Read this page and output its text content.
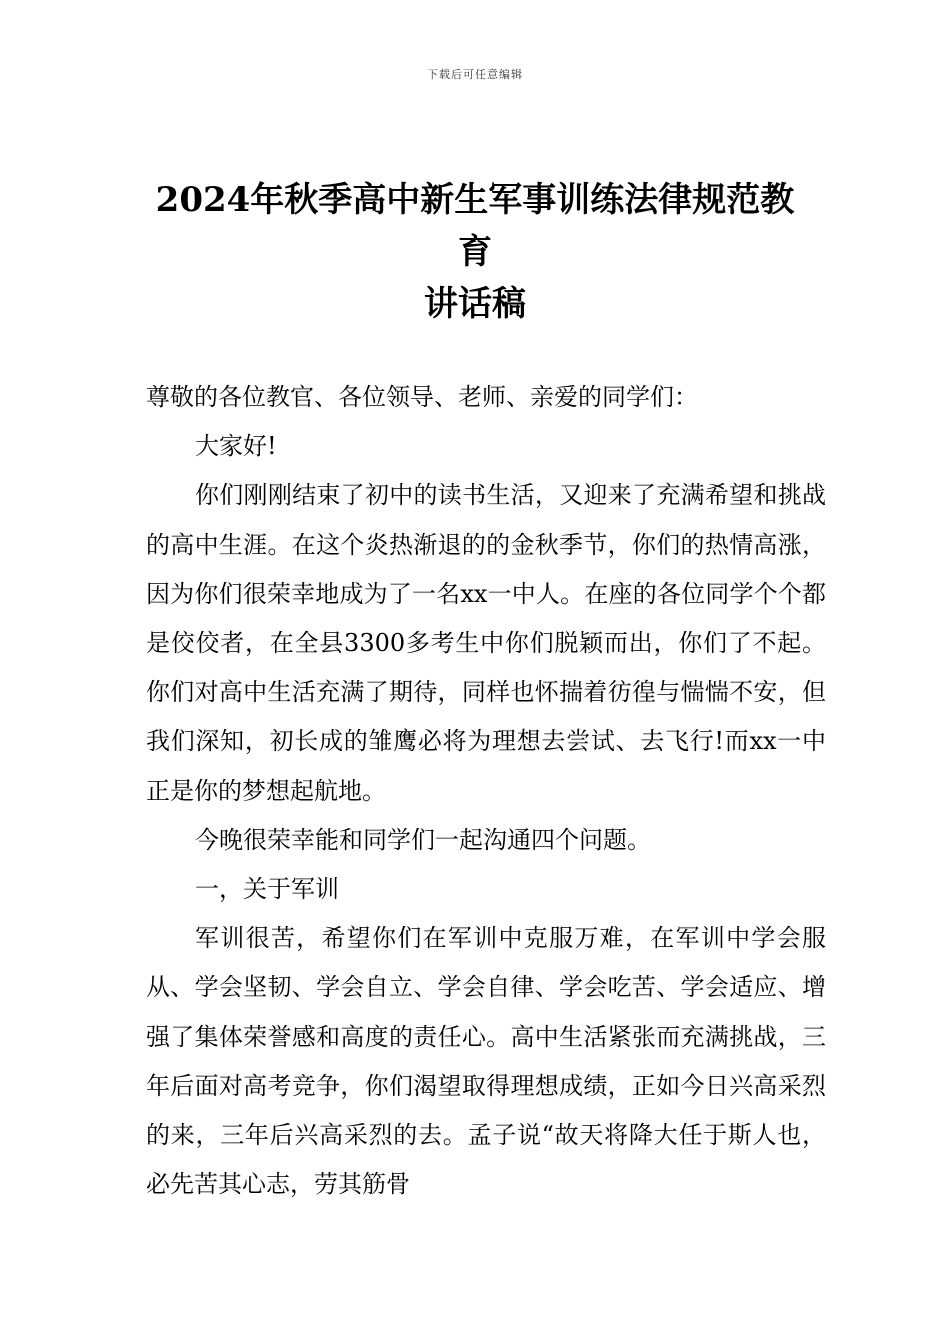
下载后可任意编辑
2024年秋季高中新生军事训练法律规范教
育
讲话稿

尊敬的各位教官、各位领导、老师、亲爱的同学们：

大家好!

你们刚刚结束了初中的读书生活，又迎来了充满希望和挑战的高中生涯。在这个炎热渐退的的金秋季节，你们的热情高涨，因为你们很荣幸地成为了一名xx一中人。在座的各位同学个个都是佼佼者，在全县3300多考生中你们脱颖而出，你们了不起。你们对高中生活充满了期待，同样也怀揣着彷徨与惴惴不安，但我们深知，初长成的雏鹰必将为理想去尝试、去飞行!而xx一中正是你的梦想起航地。

今晚很荣幸能和同学们一起沟通四个问题。

一，关于军训

军训很苦，希望你们在军训中克服万难，在军训中学会服从、学会坚韧、学会自立、学会自律、学会吃苦、学会适应、增强了集体荣誉感和高度的责任心。高中生活紧张而充满挑战，三年后面对高考竞争，你们渴望取得理想成绩，正如今日兴高采烈的来，三年后兴高采烈的去。孟子说“故天将降大任于斯人也，必先苦其心志，劳其筋骨
